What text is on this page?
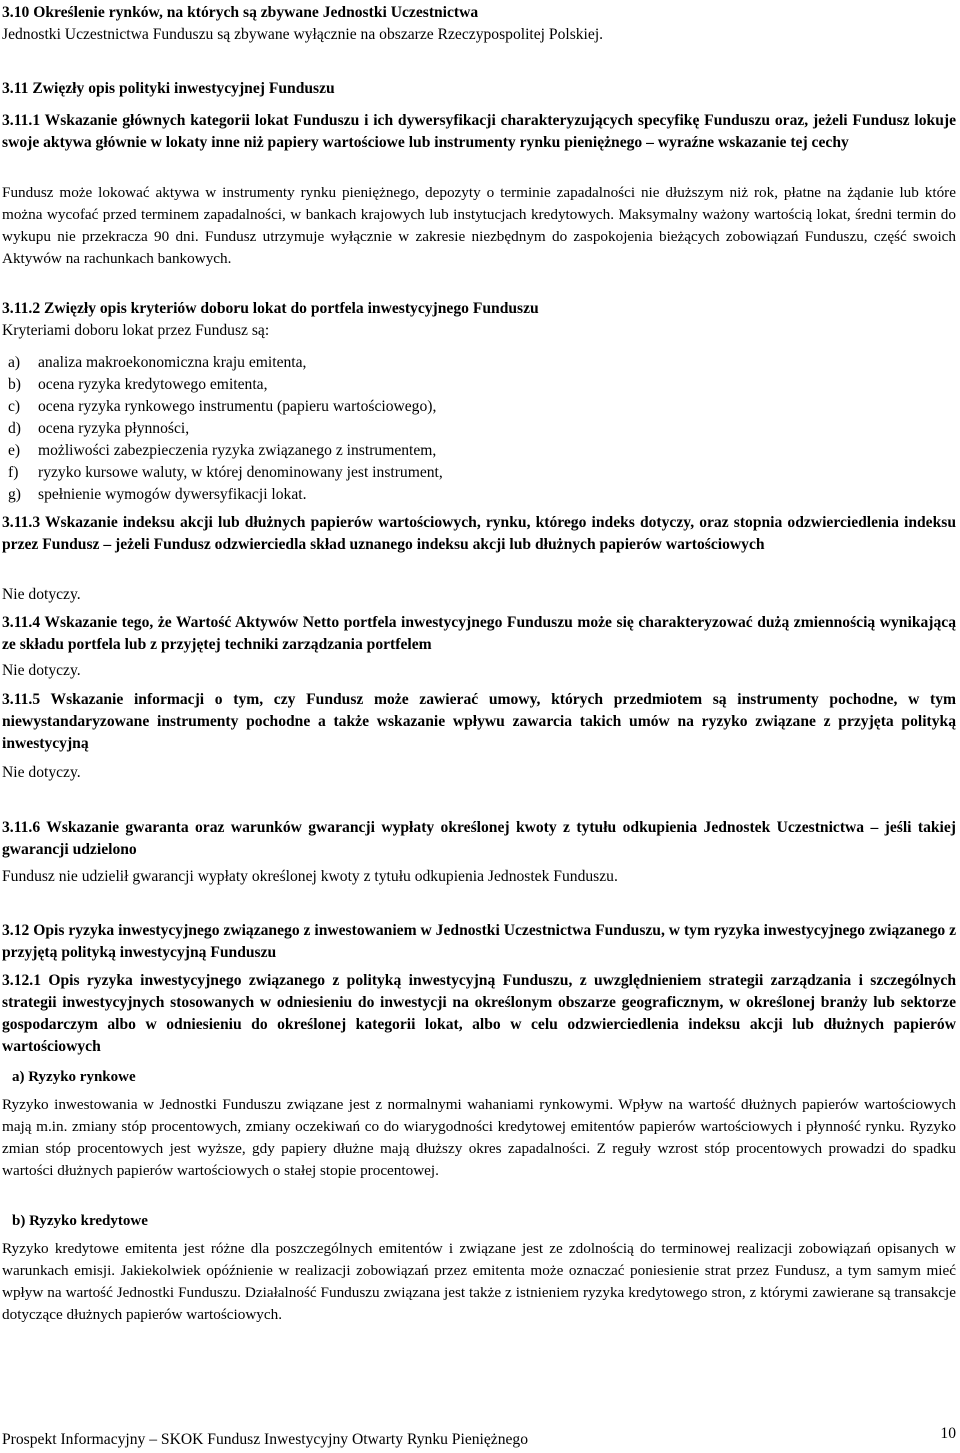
3.10 Określenie rynków, na których są zbywane Jednostki Uczestnictwa
Jednostki Uczestnictwa Funduszu są zbywane wyłącznie na obszarze Rzeczypospolitej Polskiej.
3.11 Zwięzły opis polityki inwestycyjnej Funduszu
3.11.1 Wskazanie głównych kategorii lokat Funduszu i ich dywersyfikacji charakteryzujących specyfikę Funduszu oraz, jeżeli Fundusz lokuje swoje aktywa głównie w lokaty inne niż papiery wartościowe lub instrumenty rynku pieniężnego – wyraźne wskazanie tej cechy
Fundusz może lokować aktywa w instrumenty rynku pieniężnego, depozyty o terminie zapadalności nie dłuższym niż rok, płatne na żądanie lub które można wycofać przed terminem zapadalności, w bankach krajowych lub instytucjach kredytowych. Maksymalny ważony wartością lokat, średni termin do wykupu nie przekracza 90 dni. Fundusz utrzymuje wyłącznie w zakresie niezbędnym do zaspokojenia bieżących zobowiązań Funduszu, część swoich Aktywów na rachunkach bankowych.
3.11.2 Zwięzły opis kryteriów doboru lokat do portfela inwestycyjnego Funduszu
Kryteriami doboru lokat przez Fundusz są:
a) analiza makroekonomiczna kraju emitenta,
b) ocena ryzyka kredytowego emitenta,
c) ocena ryzyka rynkowego instrumentu (papieru wartościowego),
d) ocena ryzyka płynności,
e) możliwości zabezpieczenia ryzyka związanego z instrumentem,
f) ryzyko kursowe waluty, w której denominowany jest instrument,
g) spełnienie wymogów dywersyfikacji lokat.
3.11.3 Wskazanie indeksu akcji lub dłużnych papierów wartościowych, rynku, którego indeks dotyczy, oraz stopnia odzwierciedlenia indeksu przez Fundusz – jeżeli Fundusz odzwierciedla skład uznanego indeksu akcji lub dłużnych papierów wartościowych
Nie dotyczy.
3.11.4 Wskazanie tego, że Wartość Aktywów Netto portfela inwestycyjnego Funduszu może się charakteryzować dużą zmiennością wynikającą ze składu portfela lub z przyjętej techniki zarządzania portfelem
Nie dotyczy.
3.11.5 Wskazanie informacji o tym, czy Fundusz może zawierać umowy, których przedmiotem są instrumenty pochodne, w tym niewystandaryzowane instrumenty pochodne a także wskazanie wpływu zawarcia takich umów na ryzyko związane z przyjęta polityką inwestycyjną
Nie dotyczy.
3.11.6 Wskazanie gwaranta oraz warunków gwarancji wypłaty określonej kwoty z tytułu odkupienia Jednostek Uczestnictwa – jeśli takiej gwarancji udzielono
Fundusz nie udzielił gwarancji wypłaty określonej kwoty z tytułu odkupienia Jednostek Funduszu.
3.12 Opis ryzyka inwestycyjnego związanego z inwestowaniem w Jednostki Uczestnictwa Funduszu, w tym ryzyka inwestycyjnego związanego z przyjętą polityką inwestycyjną Funduszu
3.12.1 Opis ryzyka inwestycyjnego związanego z polityką inwestycyjną Funduszu, z uwzględnieniem strategii zarządzania i szczególnych strategii inwestycyjnych stosowanych w odniesieniu do inwestycji na określonym obszarze geograficznym, w określonej branży lub sektorze gospodarczym albo w odniesieniu do określonej kategorii lokat, albo w celu odzwierciedlenia indeksu akcji lub dłużnych papierów wartościowych
a) Ryzyko rynkowe
Ryzyko inwestowania w Jednostki Funduszu związane jest z normalnymi wahaniami rynkowymi. Wpływ na wartość dłużnych papierów wartościowych mają m.in. zmiany stóp procentowych, zmiany oczekiwań co do wiarygodności kredytowej emitentów papierów wartościowych i płynność rynku. Ryzyko zmian stóp procentowych jest wyższe, gdy papiery dłużne mają dłuższy okres zapadalności. Z reguły wzrost stóp procentowych prowadzi do spadku wartości dłużnych papierów wartościowych o stałej stopie procentowej.
b) Ryzyko kredytowe
Ryzyko kredytowe emitenta jest różne dla poszczególnych emitentów i związane jest ze zdolnością do terminowej realizacji zobowiązań opisanych w warunkach emisji. Jakiekolwiek opóźnienie w realizacji zobowiązań przez emitenta może oznaczać poniesienie strat przez Fundusz, a tym samym mieć wpływ na wartość Jednostki Funduszu. Działalność Funduszu związana jest także z istnieniem ryzyka kredytowego stron, z którymi zawierane są transakcje dotyczące dłużnych papierów wartościowych.
Prospekt Informacyjny – SKOK Fundusz Inwestycyjny Otwarty Rynku Pieniężnego	10
